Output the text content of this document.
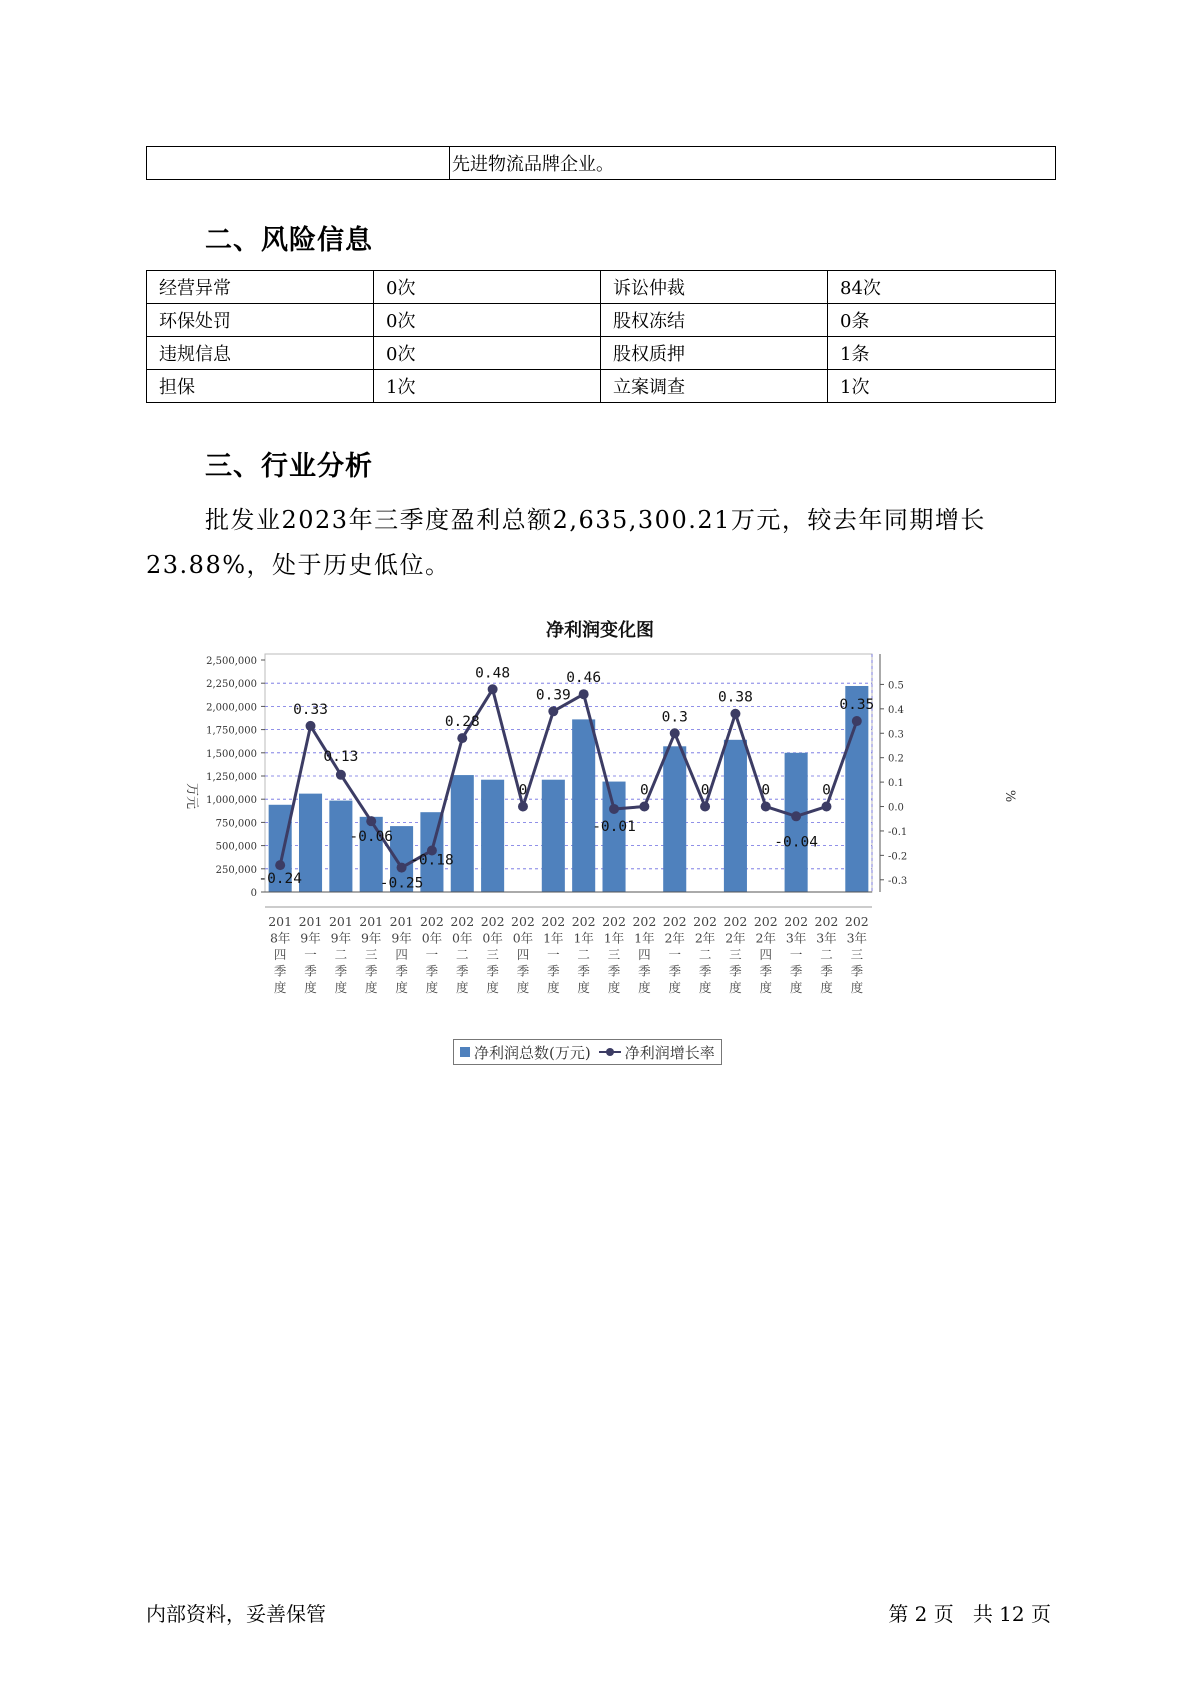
	先进物流品牌企业。
二、风险信息
经营异常	0次	诉讼仲裁	84次
环保处罚	0次	股权冻结	0条
违规信息	0次	股权质押	1条
担保	1次	立案调查	1次
三、行业分析
批发业2023年三季度盈利总额2,635,300.21万元，较去年同期增长
23.88%，处于历史低位。
净利润变化图
万元	%
2,500,000
2,250,000
2,000,000
1,750,000
1,500,000
1,250,000
1,000,000
750,000
500,000
250,000
0
0.5
0.4
0.3
0.2
0.1
0.0
-0.1
-0.2
-0.3
201
8年
四
季
度
201
9年
一
季
度
201
9年
二
季
度
201
9年
三
季
度
201
9年
四
季
度
202
0年
一
季
度
202
0年
二
季
度
202
0年
三
季
度
202
0年
四
季
度
202
1年
一
季
度
202
1年
二
季
度
202
1年
三
季
度
202
1年
四
季
度
202
2年
一
季
度
202
2年
二
季
度
202
2年
三
季
度
202
2年
四
季
度
202
3年
一
季
度
202
3年
二
季
度
202
3年
三
季
度
-0.24
0.33
0.13
-0.06
-0.25
-0.18
0.28
0.48
0
0.39
0.46
-0.01
0
0.3
0
0.38
0
-0.04
0
0.35
净利润总数(万元) 净利润增长率
内部资料，妥善保管	第 2 页   共 12 页
